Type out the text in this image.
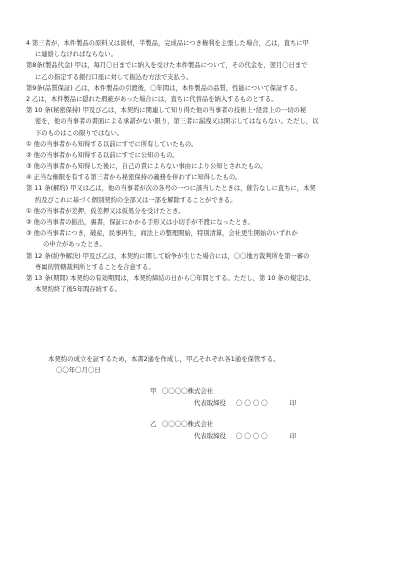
4 第三者が，本件製品の原料又は資材，半製品，完成品につき権利を主張した場合，乙は，直ちに甲
に連絡しなければならない。
第8条(製品代金) 甲は，毎月〇日までに納入を受けた本件製品について，その代金を，翌月〇日まで
に乙の指定する銀行口座に対して振込む方法で支払う。
第9条(品質保証) 乙は，本件製品の引渡後，〇年間は，本件製品の品質，性能について保証する。
2 乙は，本件製品に隠れた瑕疵があった場合には，直ちに代替品を納入するものとする。
第 10 条(秘密保持) 甲及び乙は，本契約に関連して知り得た他の当事者の技術上･経営上の一切の秘
密を，他の当事者の書面による承諾がない限り，第三者に漏洩又は開示してはならない。ただし，以
下のものはこの限りではない。
① 他の当事者から知得する以前にすでに所有していたもの。
② 他の当事者から知得する以前にすでに公知のもの。
③ 他の当事者から知得した後に，自己の責によらない事由により公知とされたもの。
④ 正当な権限を有する第三者から秘密保持の義務を伴わずに知得したもの。
第 11 条(解約) 甲又は乙は，他の当事者が次の各号の一つに該当したときは，催告なしに直ちに，本契
約及びこれに基づく個別契約の全部又は一部を解除することができる。
① 他の当事者が差押，仮差押又は仮処分を受けたとき。
② 他の当事者の振出，裏書，保証にかかる手形又は小切手が不渡になったとき。
③ 他の当事者につき，破産，民事再生，商法上の整理開始，特別清算，会社更生開始のいずれか
の申立があったとき。
第 12 条(紛争解決) 甲及び乙は，本契約に関して紛争が生じた場合には，〇〇地方裁判所を第一審の
専属的管轄裁判所とすることを合意する。
第 13 条(期間) 本契約の有効期間は，本契約締結の日から〇年間とする。ただし，第 10 条の規定は，
本契約終了後5年間存続する。
本契約の成立を証するため，本書2通を作成し，甲乙それぞれ各1通を保管する。
〇〇年〇月〇日
甲 〇〇〇〇株式会社
代表取締役 〇 〇 〇 〇	印
乙 〇〇〇〇株式会社
代表取締役 〇 〇 〇 〇	印
